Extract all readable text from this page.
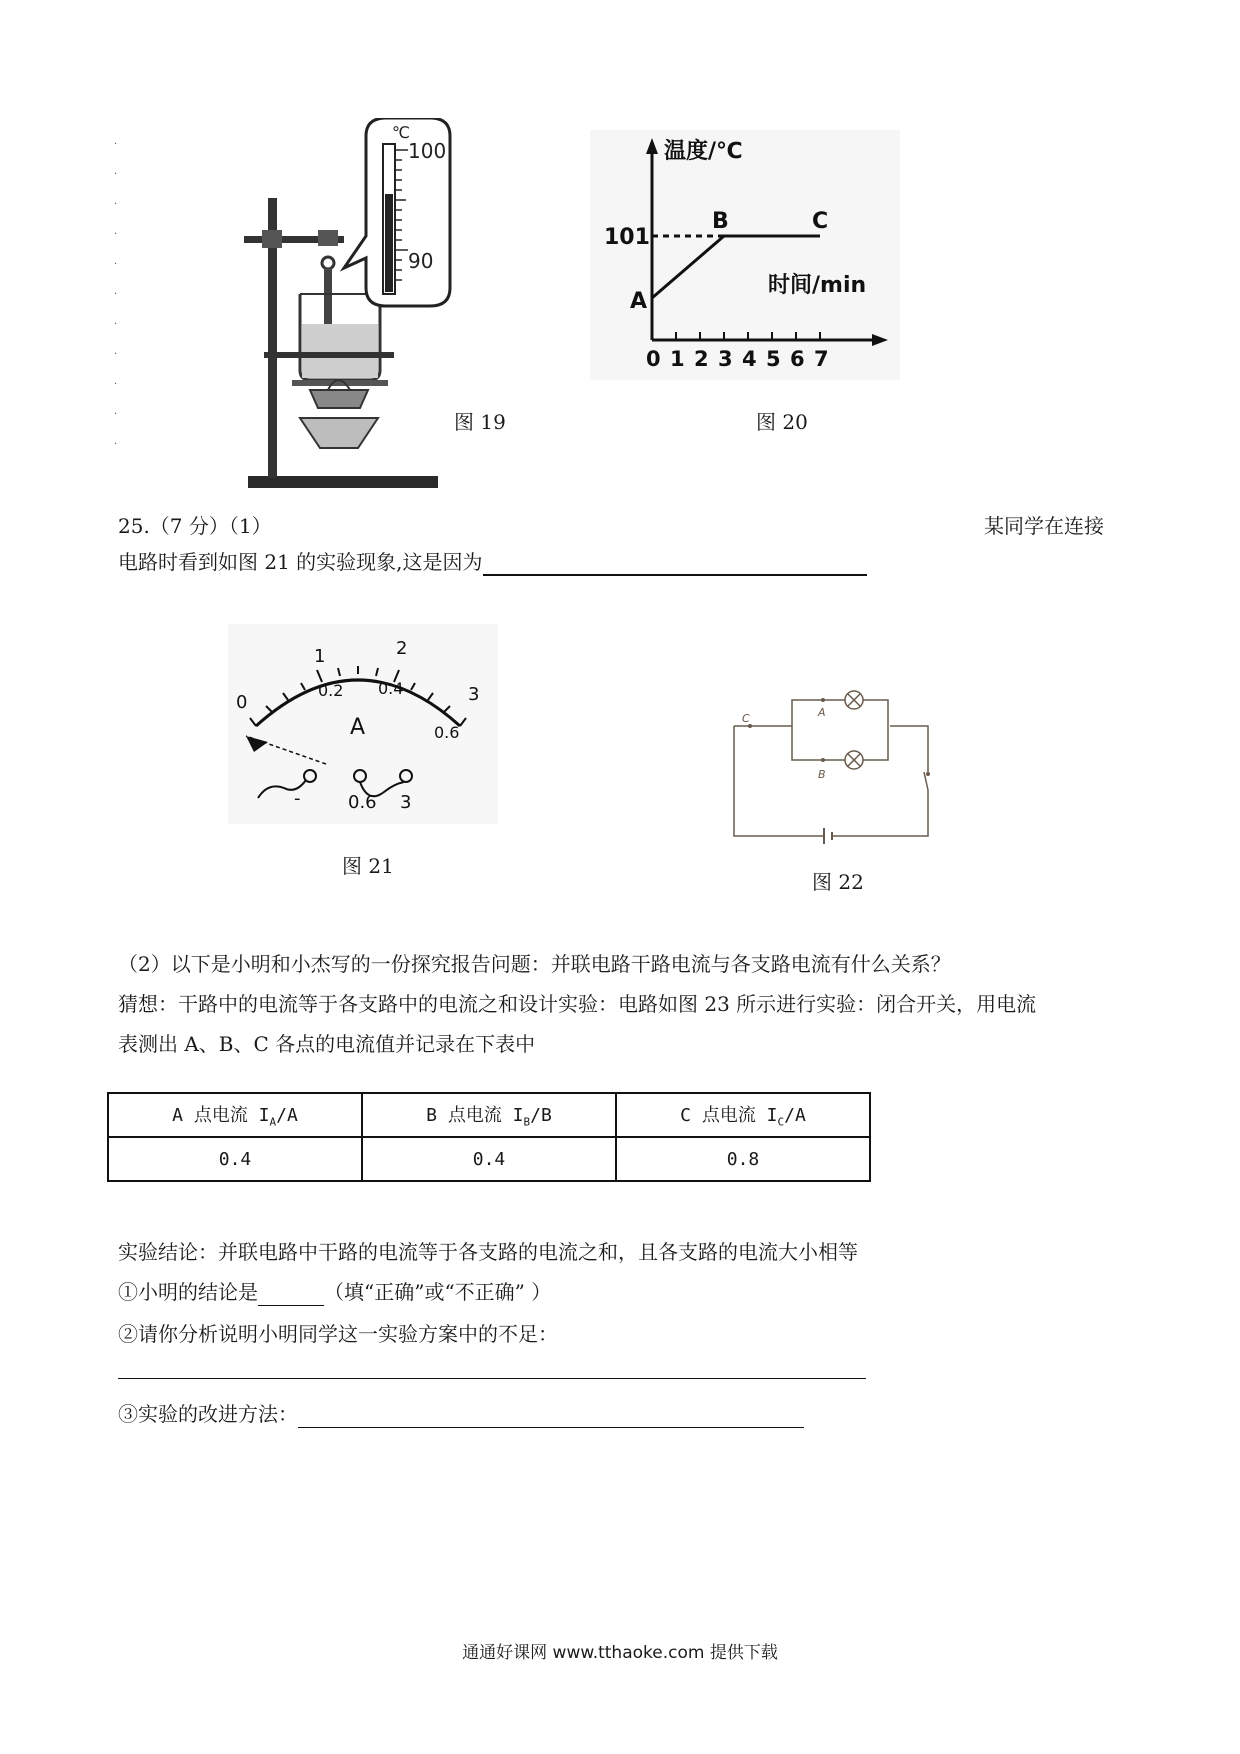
·
·
·
·
·
·
·
·
·
·
·
℃
100
90
图 19
温度/℃
时间/min
101
A
B	C
0 1 2 3 4 5 6 7
图 20
25.（7 分）（1）	某同学在连接
电路时看到如图 21 的实验现象,这是因为
0
1	2
3
0.2 0.4
0.6
A
-	0.6 3
图 21
A
B
C
图 22
（2）以下是小明和小杰写的一份探究报告问题：并联电路干路电流与各支路电流有什么关系？
猜想：干路中的电流等于各支路中的电流之和设计实验：电路如图 23 所示进行实验：闭合开关，用电流
表测出 A、B、C 各点的电流值并记录在下表中
A 点电流 $I_A/A$	B 点电流 $I_B/B$	C 点电流 $I_C/A$
0.4	0.4	0.8
实验结论：并联电路中干路的电流等于各支路的电流之和，且各支路的电流大小相等
①小明的结论是	（填“正确”或“不正确” ）
②请你分析说明小明同学这一实验方案中的不足：
③实验的改进方法：
通通好课网 www.tthaoke.com 提供下载
